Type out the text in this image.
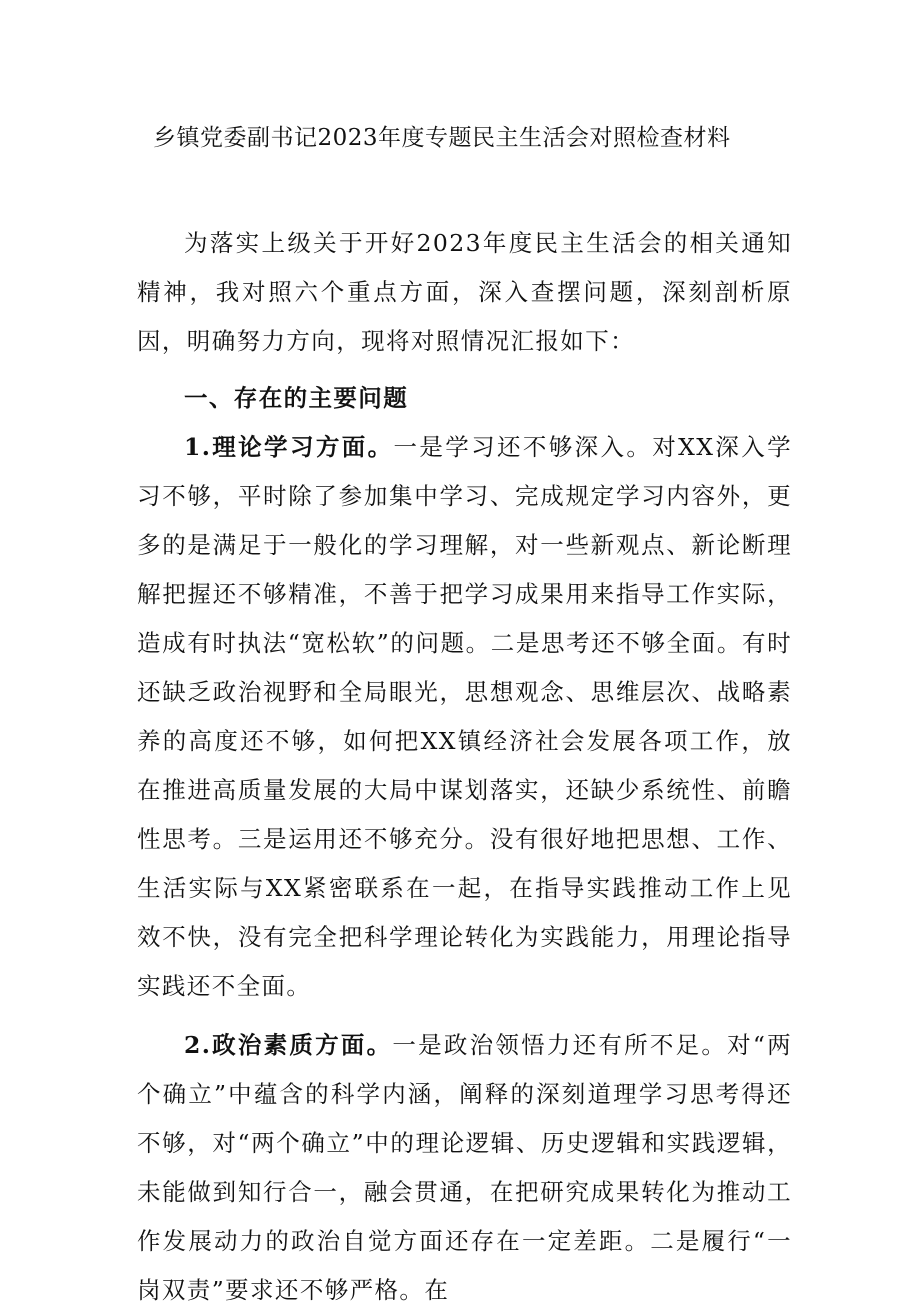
乡镇党委副书记2023年度专题民主生活会对照检查材料

为落实上级关于开好2023年度民主生活会的相关通知精神，我对照六个重点方面，深入查摆问题，深刻剖析原因，明确努力方向，现将对照情况汇报如下：

一、存在的主要问题

1.理论学习方面。一是学习还不够深入。对XX深入学习不够，平时除了参加集中学习、完成规定学习内容外，更多的是满足于一般化的学习理解，对一些新观点、新论断理解把握还不够精准，不善于把学习成果用来指导工作实际，造成有时执法“宽松软”的问题。二是思考还不够全面。有时还缺乏政治视野和全局眼光，思想观念、思维层次、战略素养的高度还不够，如何把XX镇经济社会发展各项工作，放在推进高质量发展的大局中谋划落实，还缺少系统性、前瞻性思考。三是运用还不够充分。没有很好地把思想、工作、生活实际与XX紧密联系在一起，在指导实践推动工作上见效不快，没有完全把科学理论转化为实践能力，用理论指导实践还不全面。

2.政治素质方面。一是政治领悟力还有所不足。对“两个确立”中蕴含的科学内涵，阐释的深刻道理学习思考得还不够，对“两个确立”中的理论逻辑、历史逻辑和实践逻辑，未能做到知行合一，融会贯通，在把研究成果转化为推动工作发展动力的政治自觉方面还存在一定差距。二是履行“一岗双责”要求还不够严格。在
